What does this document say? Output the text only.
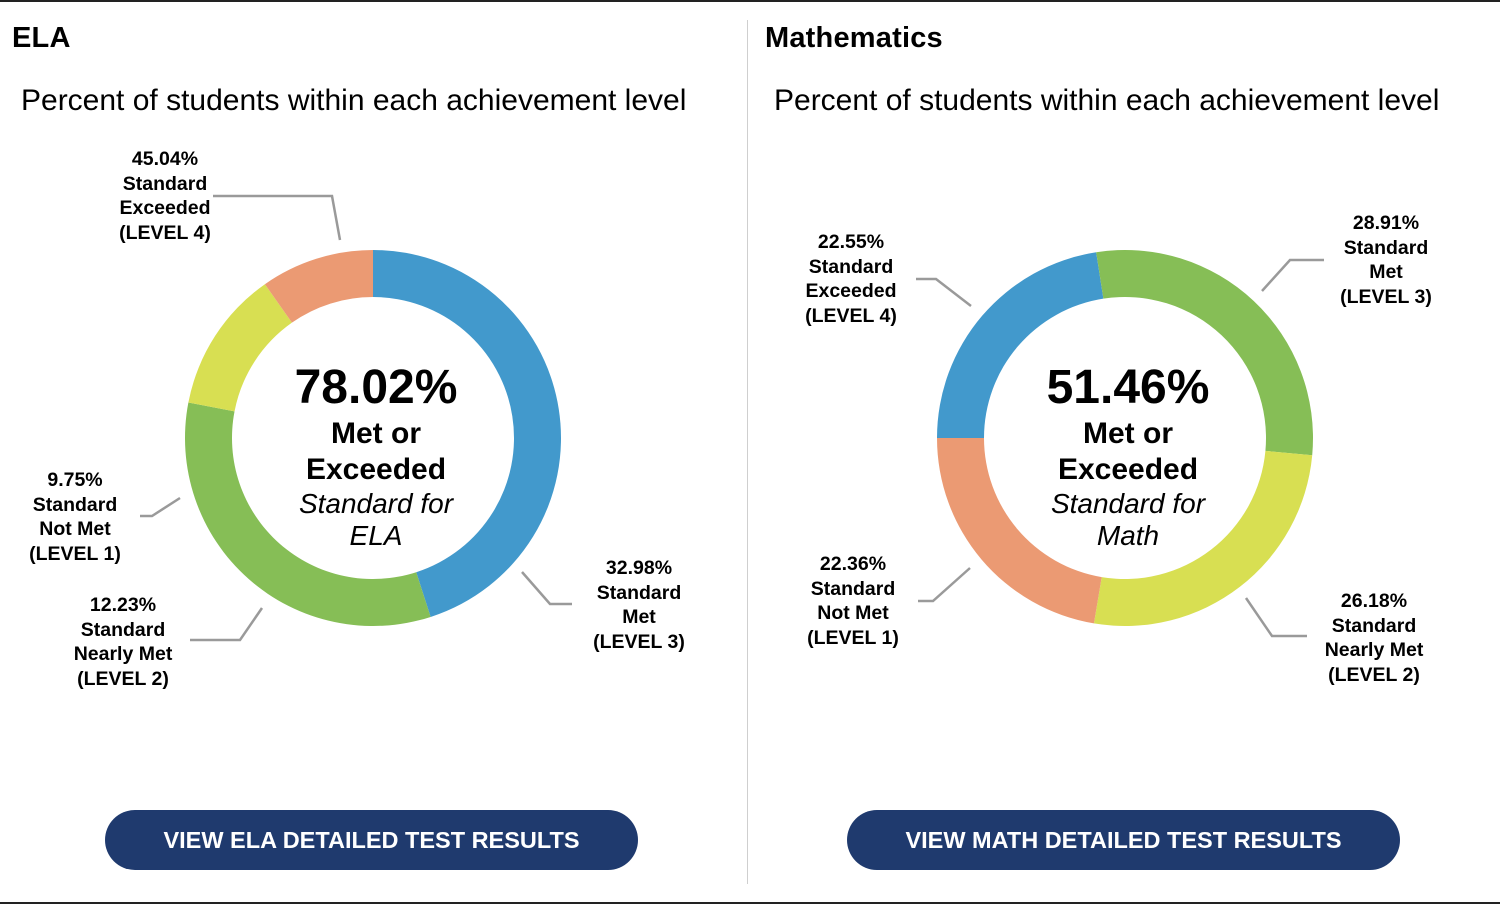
ELA
Percent of students within each achievement level
78.02%
Met or
Exceeded
Standard for
ELA
45.04%
Standard
Exceeded
(LEVEL 4)
32.98%
Standard
Met
(LEVEL 3)
12.23%
Standard
Nearly Met
(LEVEL 2)
9.75%
Standard
Not Met
(LEVEL 1)
VIEW ELA DETAILED TEST RESULTS
Mathematics
Percent of students within each achievement level
51.46%
Met or
Exceeded
Standard for
Math
22.55%
Standard
Exceeded
(LEVEL 4)
28.91%
Standard
Met
(LEVEL 3)
26.18%
Standard
Nearly Met
(LEVEL 2)
22.36%
Standard
Not Met
(LEVEL 1)
VIEW MATH DETAILED TEST RESULTS
